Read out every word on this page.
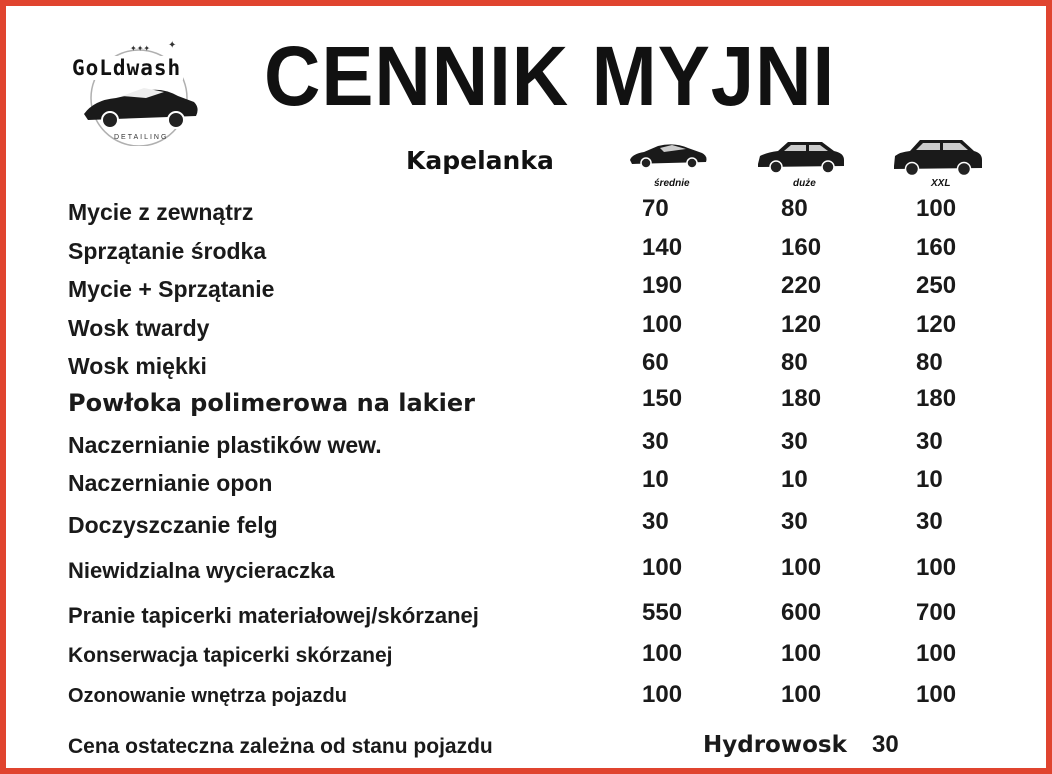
✦
✦✦✦
GoLdwash
DETAILING
CENNIK MYJNI
Kapelanka
średnie	duże	XXL
Mycie z zewnątrz	70	80	100
Sprzątanie środka	140	160	160
Mycie + Sprzątanie	190	220	250
Wosk twardy	100	120	120
Wosk miękki	60	80	80
Powłoka polimerowa na lakier	150	180	180
Naczernianie plastików wew.	30	30	30
Naczernianie opon	10	10	10
Doczyszczanie felg	30	30	30
Niewidzialna wycieraczka	100	100	100
Pranie tapicerki materiałowej/skórzanej	550	600	700
Konserwacja tapicerki skórzanej	100	100	100
Ozonowanie wnętrza pojazdu	100	100	100
Cena ostateczna zależna od stanu pojazdu	Hydrowosk 30
